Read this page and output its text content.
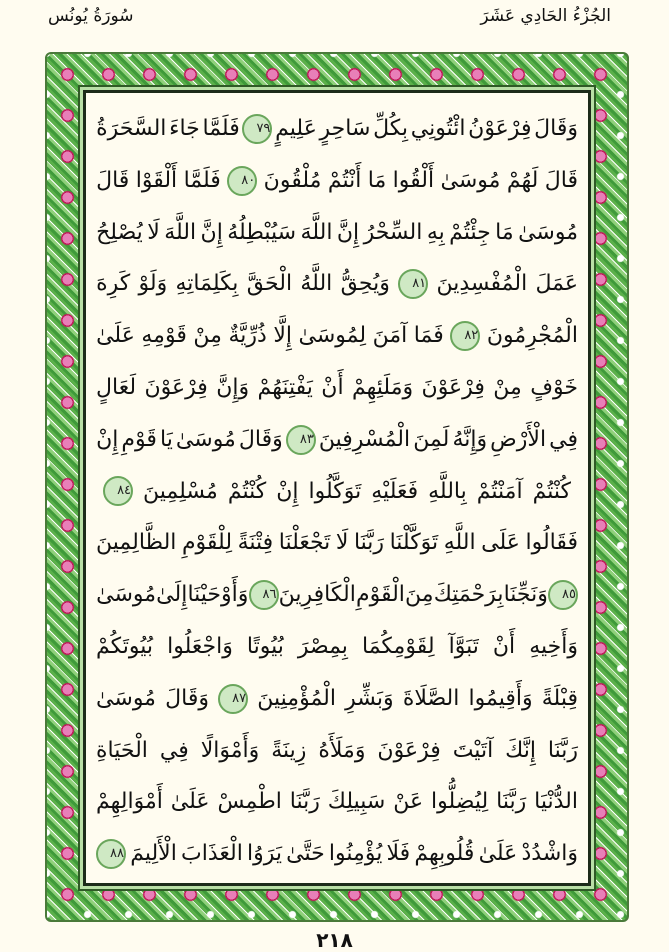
الجُزْءُ الحَادِي عَشَرَ
سُورَةُ يُونُس
وَقَالَ
فِرْعَوْنُ
ائْتُونِي
بِكُلِّ
سَاحِرٍ
عَلِيمٍ
٧٩
فَلَمَّا
جَاءَ
السَّحَرَةُ
قَالَ
لَهُمْ
مُوسَىٰ
أَلْقُوا
مَا
أَنْتُمْ
مُلْقُونَ
٨٠
فَلَمَّا
أَلْقَوْا
قَالَ
مُوسَىٰ
مَا
جِئْتُمْ
بِهِ
السِّحْرُ
إِنَّ
اللَّهَ
سَيُبْطِلُهُ
إِنَّ
اللَّهَ
لَا
يُصْلِحُ
عَمَلَ
الْمُفْسِدِينَ
٨١
وَيُحِقُّ
اللَّهُ
الْحَقَّ
بِكَلِمَاتِهِ
وَلَوْ
كَرِهَ
الْمُجْرِمُونَ
٨٢
فَمَا
آمَنَ
لِمُوسَىٰ
إِلَّا
ذُرِّيَّةٌ
مِنْ
قَوْمِهِ
عَلَىٰ
خَوْفٍ
مِنْ
فِرْعَوْنَ
وَمَلَئِهِمْ
أَنْ
يَفْتِنَهُمْ
وَإِنَّ
فِرْعَوْنَ
لَعَالٍ
فِي
الْأَرْضِ
وَإِنَّهُ
لَمِنَ
الْمُسْرِفِينَ
٨٣
وَقَالَ
مُوسَىٰ
يَا
قَوْمِ
إِنْ
كُنْتُمْ
آمَنْتُمْ
بِاللَّهِ
فَعَلَيْهِ
تَوَكَّلُوا
إِنْ
كُنْتُمْ
مُسْلِمِينَ
٨٤
فَقَالُوا
عَلَى
اللَّهِ
تَوَكَّلْنَا
رَبَّنَا
لَا
تَجْعَلْنَا
فِتْنَةً
لِلْقَوْمِ
الظَّالِمِينَ
٨٥
وَنَجِّنَا
بِرَحْمَتِكَ
مِنَ
الْقَوْمِ
الْكَافِرِينَ
٨٦
وَأَوْحَيْنَا
إِلَىٰ
مُوسَىٰ
وَأَخِيهِ
أَنْ
تَبَوَّآ
لِقَوْمِكُمَا
بِمِصْرَ
بُيُوتًا
وَاجْعَلُوا
بُيُوتَكُمْ
قِبْلَةً
وَأَقِيمُوا
الصَّلَاةَ
وَبَشِّرِ
الْمُؤْمِنِينَ
٨٧
وَقَالَ
مُوسَىٰ
رَبَّنَا
إِنَّكَ
آتَيْتَ
فِرْعَوْنَ
وَمَلَأَهُ
زِينَةً
وَأَمْوَالًا
فِي
الْحَيَاةِ
الدُّنْيَا
رَبَّنَا
لِيُضِلُّوا
عَنْ
سَبِيلِكَ
رَبَّنَا
اطْمِسْ
عَلَىٰ
أَمْوَالِهِمْ
وَاشْدُدْ
عَلَىٰ
قُلُوبِهِمْ
فَلَا
يُؤْمِنُوا
حَتَّىٰ
يَرَوُا
الْعَذَابَ
الْأَلِيمَ
٨٨
٢١٨
